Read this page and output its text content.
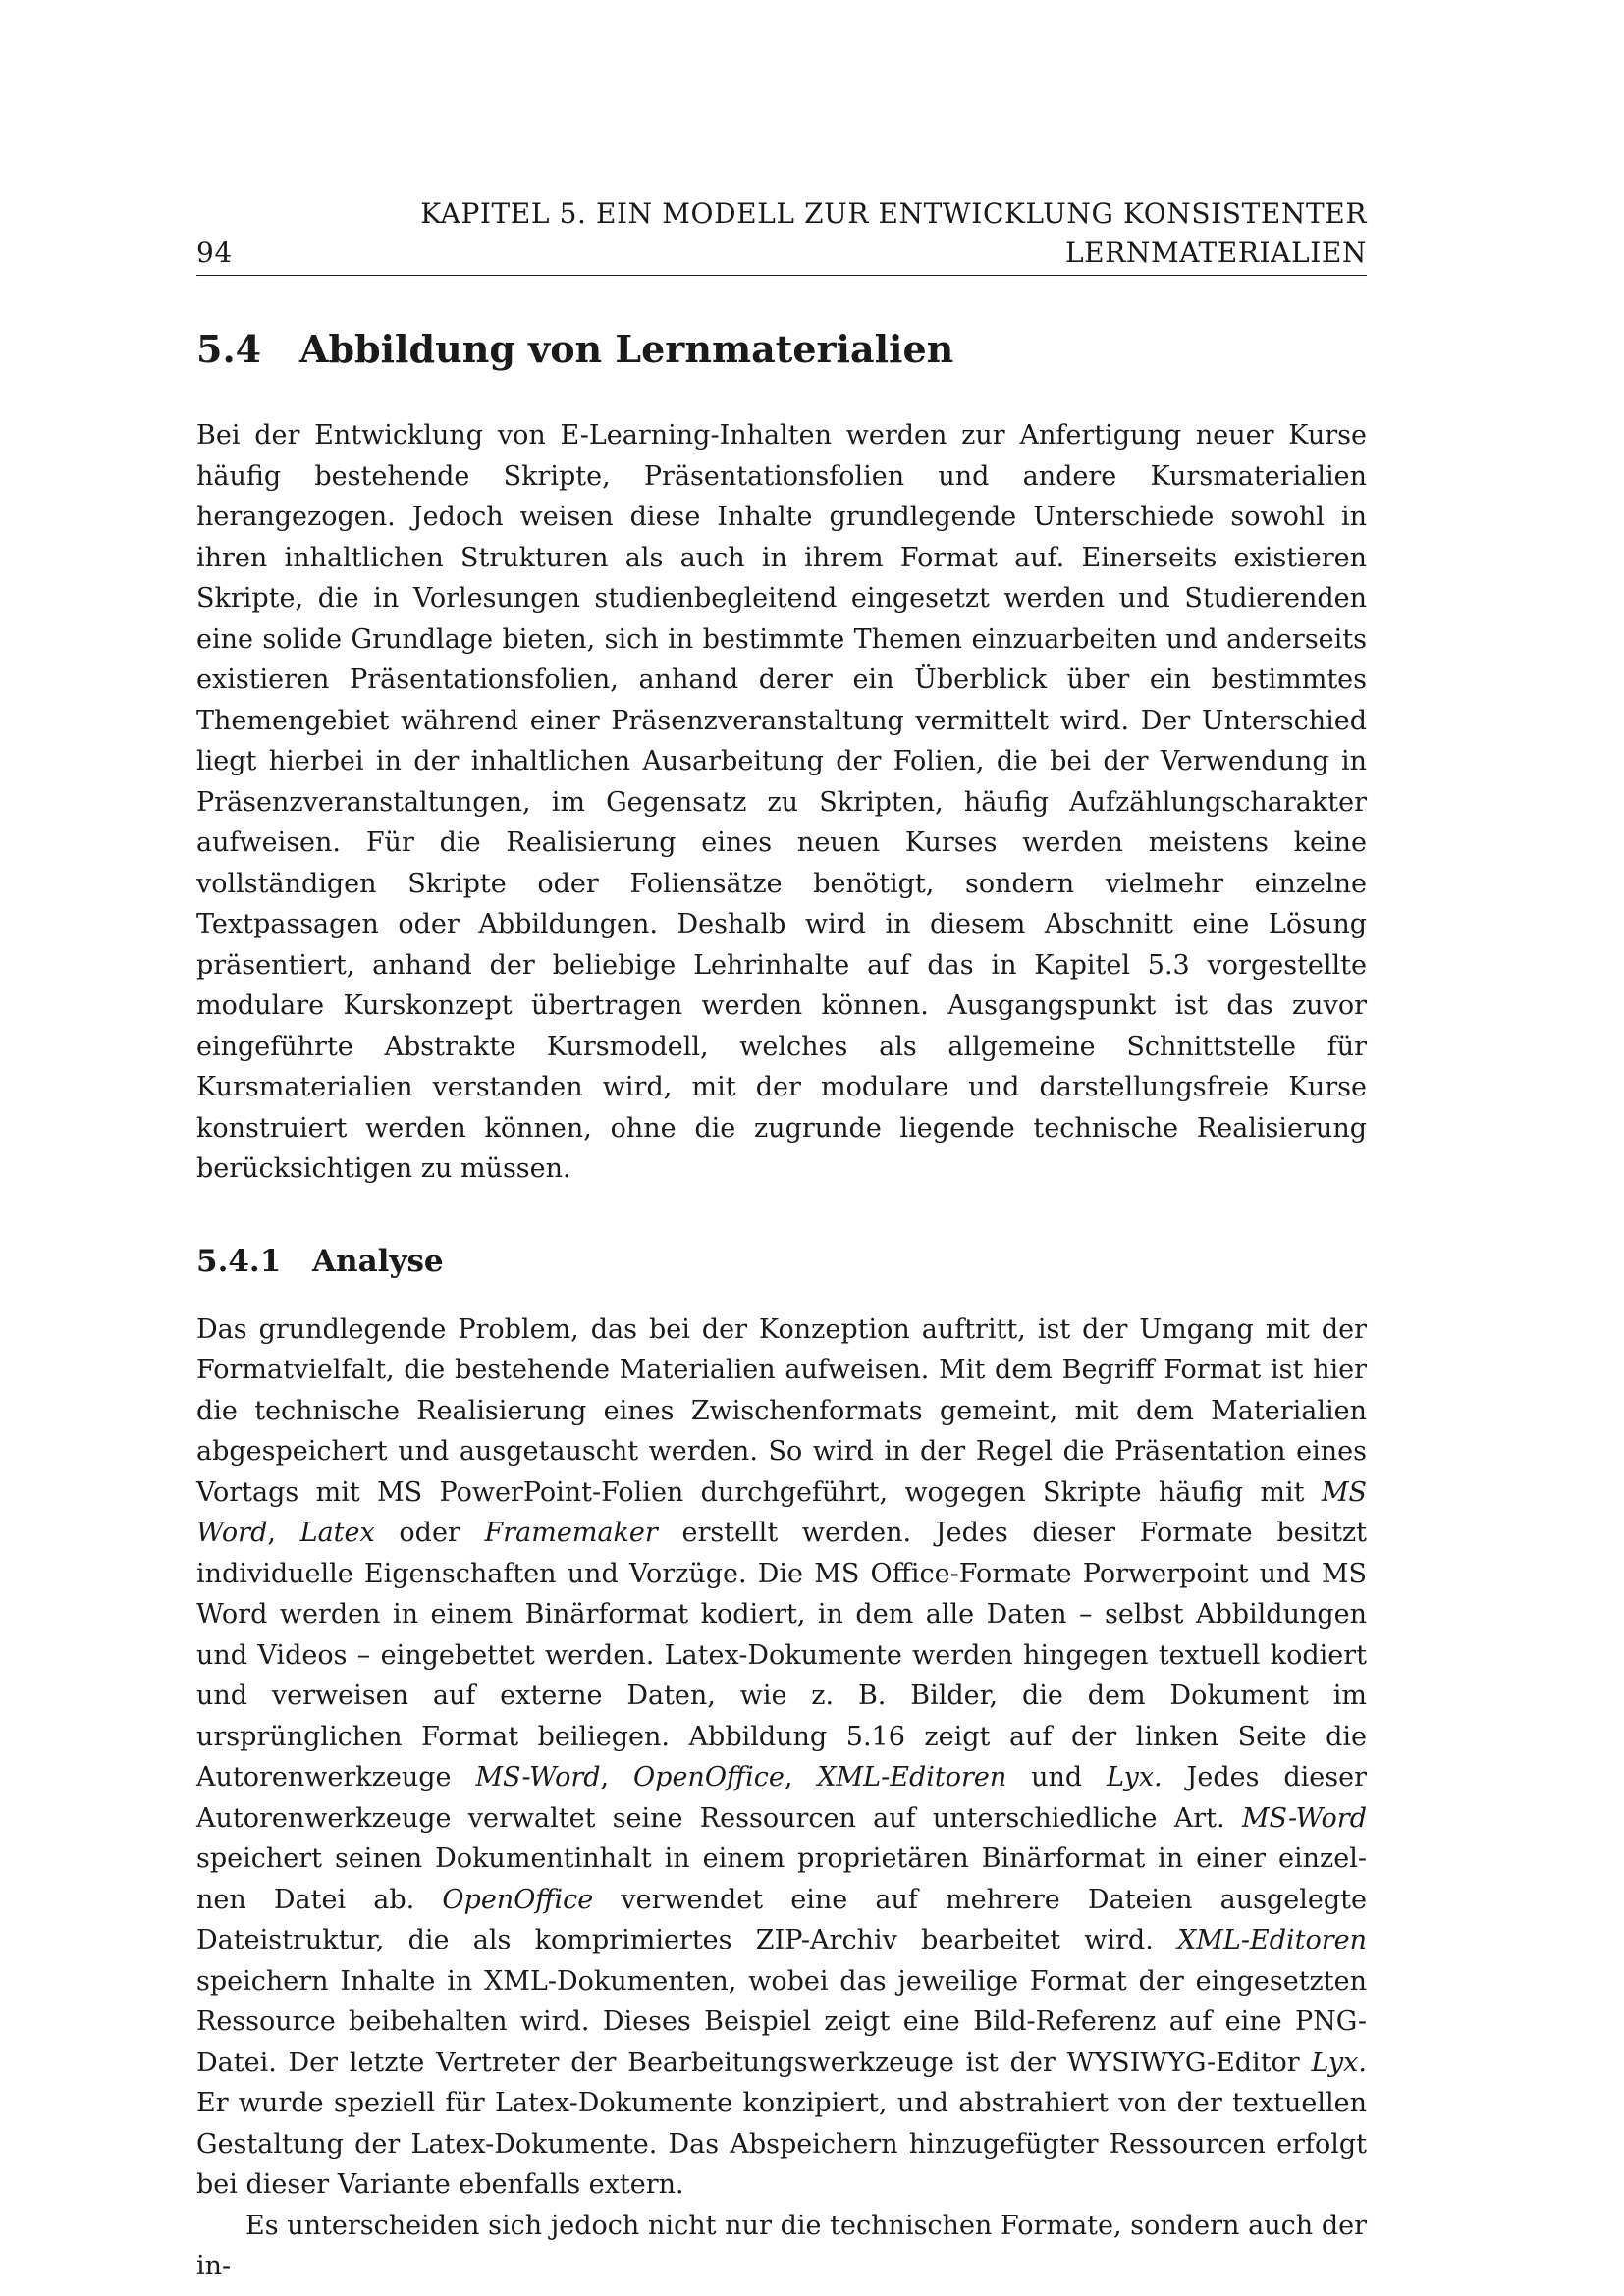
KAPITEL 5. EIN MODELL ZUR ENTWICKLUNG KONSISTENTER
94	LERNMATERIALIEN
5.4 Abbildung von Lernmaterialien

Bei der Entwicklung von E-Learning-Inhalten werden zur Anfertigung neuer Kurse häufig bestehende Skripte, Präsentationsfolien und andere Kursmaterialien herangezogen. Jedoch weisen diese Inhalte grundlegende Unterschiede sowohl in ihren inhaltlichen Strukturen als auch in ihrem Format auf. Einerseits existieren Skripte, die in Vorlesungen studienbegleitend eingesetzt werden und Studierenden eine solide Grundlage bieten, sich in bestimmte Themen einzuarbeiten und anderseits existieren Präsentationsfolien, anhand derer ein Überblick über ein bestimmtes Themengebiet während einer Präsenzveranstaltung vermittelt wird. Der Unterschied liegt hierbei in der inhaltlichen Ausarbeitung der Folien, die bei der Verwendung in Präsenzveranstaltungen, im Gegensatz zu Skripten, häufig Aufzählungscharakter aufweisen. Für die Realisierung eines neuen Kurses werden meistens keine vollständigen Skripte oder Foliensätze benötigt, sondern vielmehr einzelne Textpassagen oder Abbildungen. Deshalb wird in diesem Abschnitt eine Lösung präsentiert, anhand der beliebige Lehrinhalte auf das in Kapitel 5.3 vorgestellte modulare Kurskonzept übertragen werden können. Ausgangspunkt ist das zuvor eingeführte Abstrakte Kursmodell, welches als allgemeine Schnittstelle für Kursmaterialien verstanden wird, mit der modulare und darstellungsfreie Kurse konstruiert werden können, ohne die zugrunde liegende technische Realisierung berücksichtigen zu müssen.

5.4.1 Analyse

Das grundlegende Problem, das bei der Konzeption auftritt, ist der Umgang mit der Formatvielfalt, die bestehende Materialien aufweisen. Mit dem Begriff Format ist hier die technische Realisierung eines Zwischenformats gemeint, mit dem Materialien abgespeichert und ausgetauscht werden. So wird in der Regel die Präsentation eines Vortags mit MS PowerPoint-Folien durchgeführt, wogegen Skripte häufig mit MS Word, Latex oder Framemaker erstellt werden. Jedes dieser Formate besitzt individuelle Eigenschaften und Vorzüge. Die MS Office-Formate Porwerpoint und MS Word werden in einem Binärformat kodiert, in dem alle Daten – selbst Abbildungen und Videos – eingebettet werden. Latex-Dokumente werden hingegen textuell kodiert und verweisen auf externe Daten, wie z. B. Bilder, die dem Dokument im ursprünglichen Format beiliegen. Abbildung 5.16 zeigt auf der linken Seite die Autorenwerkzeuge MS-Word, OpenOffice, XML-Editoren und Lyx. Jedes dieser Autorenwerkzeuge verwaltet seine Ressourcen auf unterschiedliche Art. MS-Word speichert seinen Dokumentinhalt in einem proprietären Binärformat in einer einzelnen Datei ab. OpenOffice verwendet eine auf mehrere Dateien ausgelegte Dateistruktur, die als komprimiertes ZIP-Archiv bearbeitet wird. XML-Editoren speichern Inhalte in XML-Dokumenten, wobei das jeweilige Format der eingesetzten Ressource beibehalten wird. Dieses Beispiel zeigt eine Bild-Referenz auf eine PNG-Datei. Der letzte Vertreter der Bearbeitungswerkzeuge ist der WYSIWYG-Editor Lyx. Er wurde speziell für Latex-Dokumente konzipiert, und abstrahiert von der textuellen Gestaltung der Latex-Dokumente. Das Abspeichern hinzugefügter Ressourcen erfolgt bei dieser Variante ebenfalls extern.

Es unterscheiden sich jedoch nicht nur die technischen Formate, sondern auch der in-
